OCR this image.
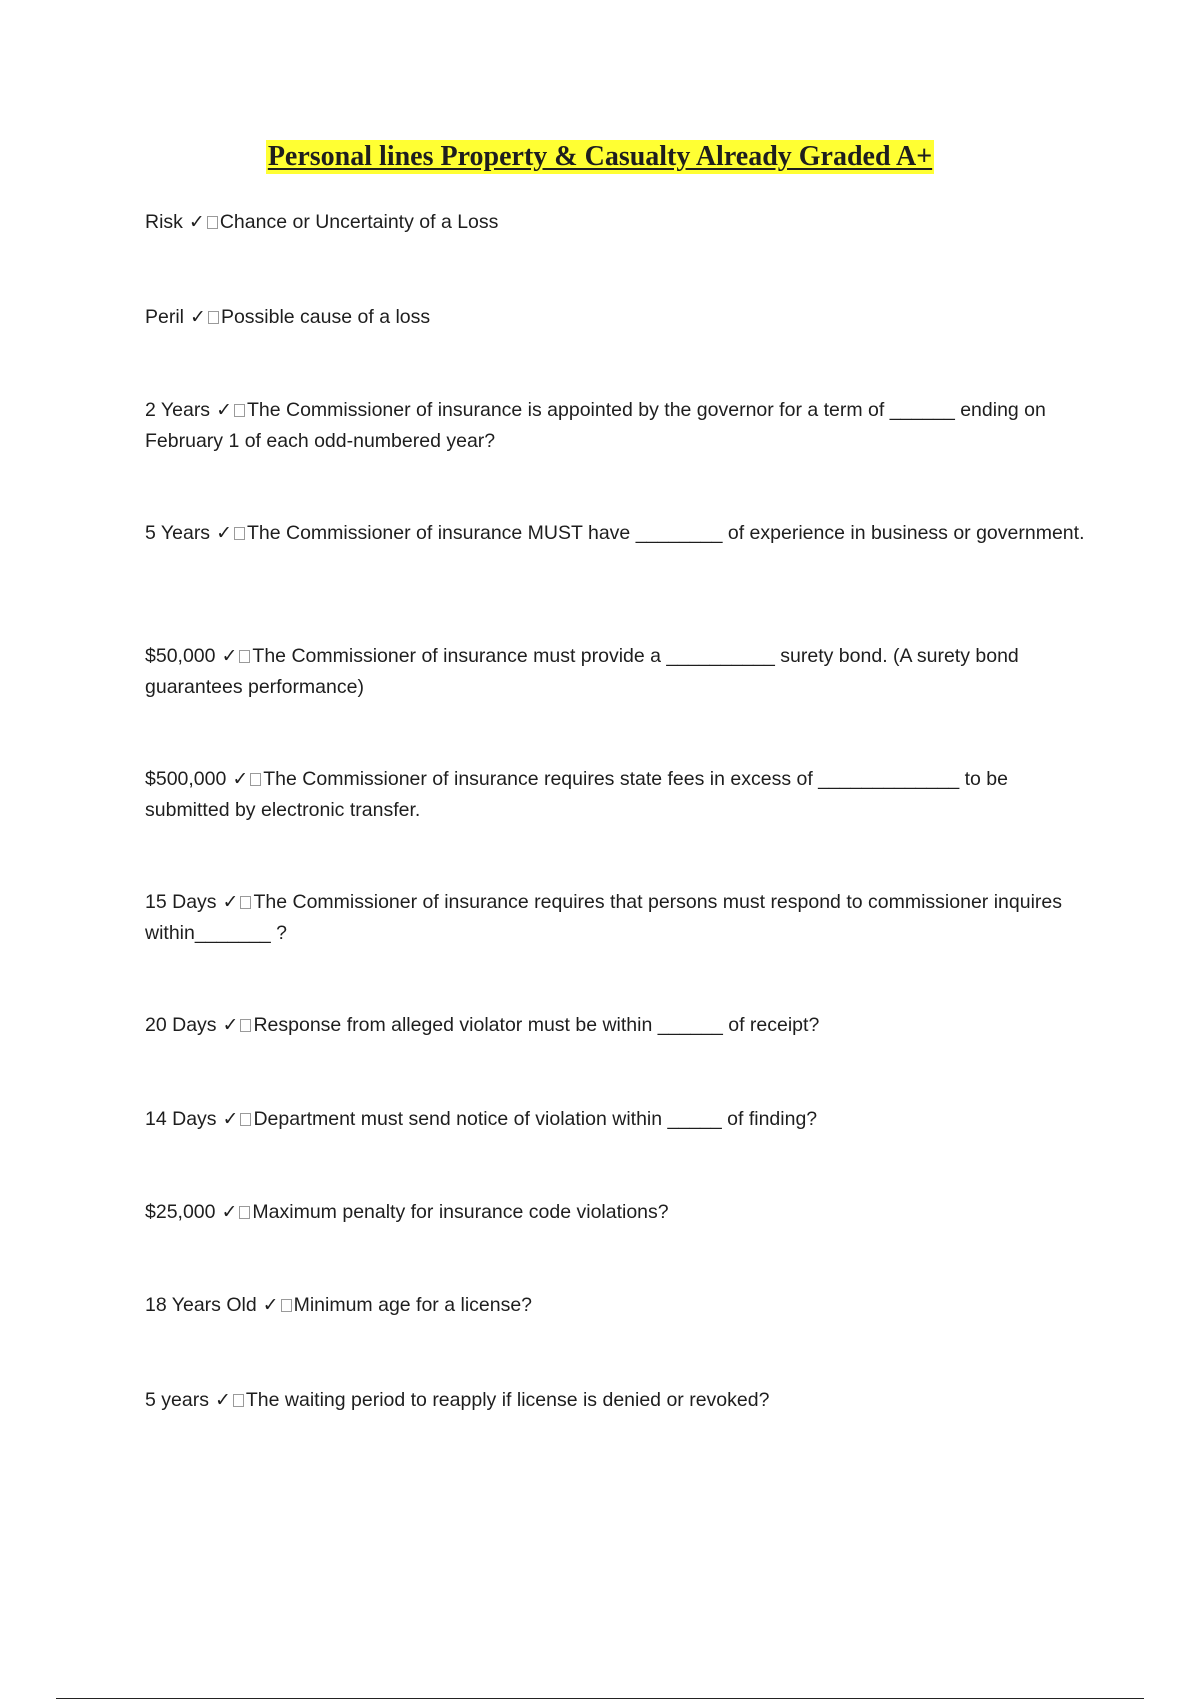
Personal lines Property & Casualty Already Graded A+
Risk ✓ Chance or Uncertainty of a Loss
Peril ✓ Possible cause of a loss
2 Years ✓ The Commissioner of insurance is appointed by the governor for a term of ______ ending on February 1 of each odd-numbered year?
5 Years ✓ The Commissioner of insurance MUST have ________ of experience in business or government.
$50,000 ✓ The Commissioner of insurance must provide a __________ surety bond. (A surety bond guarantees performance)
$500,000 ✓ The Commissioner of insurance requires state fees in excess of _____________ to be submitted by electronic transfer.
15 Days ✓ The Commissioner of insurance requires that persons must respond to commissioner inquires within_______ ?
20 Days ✓ Response from alleged violator must be within ______ of receipt?
14 Days ✓ Department must send notice of violation within _____ of finding?
$25,000 ✓ Maximum penalty for insurance code violations?
18 Years Old ✓ Minimum age for a license?
5 years ✓ The waiting period to reapply if license is denied or revoked?
